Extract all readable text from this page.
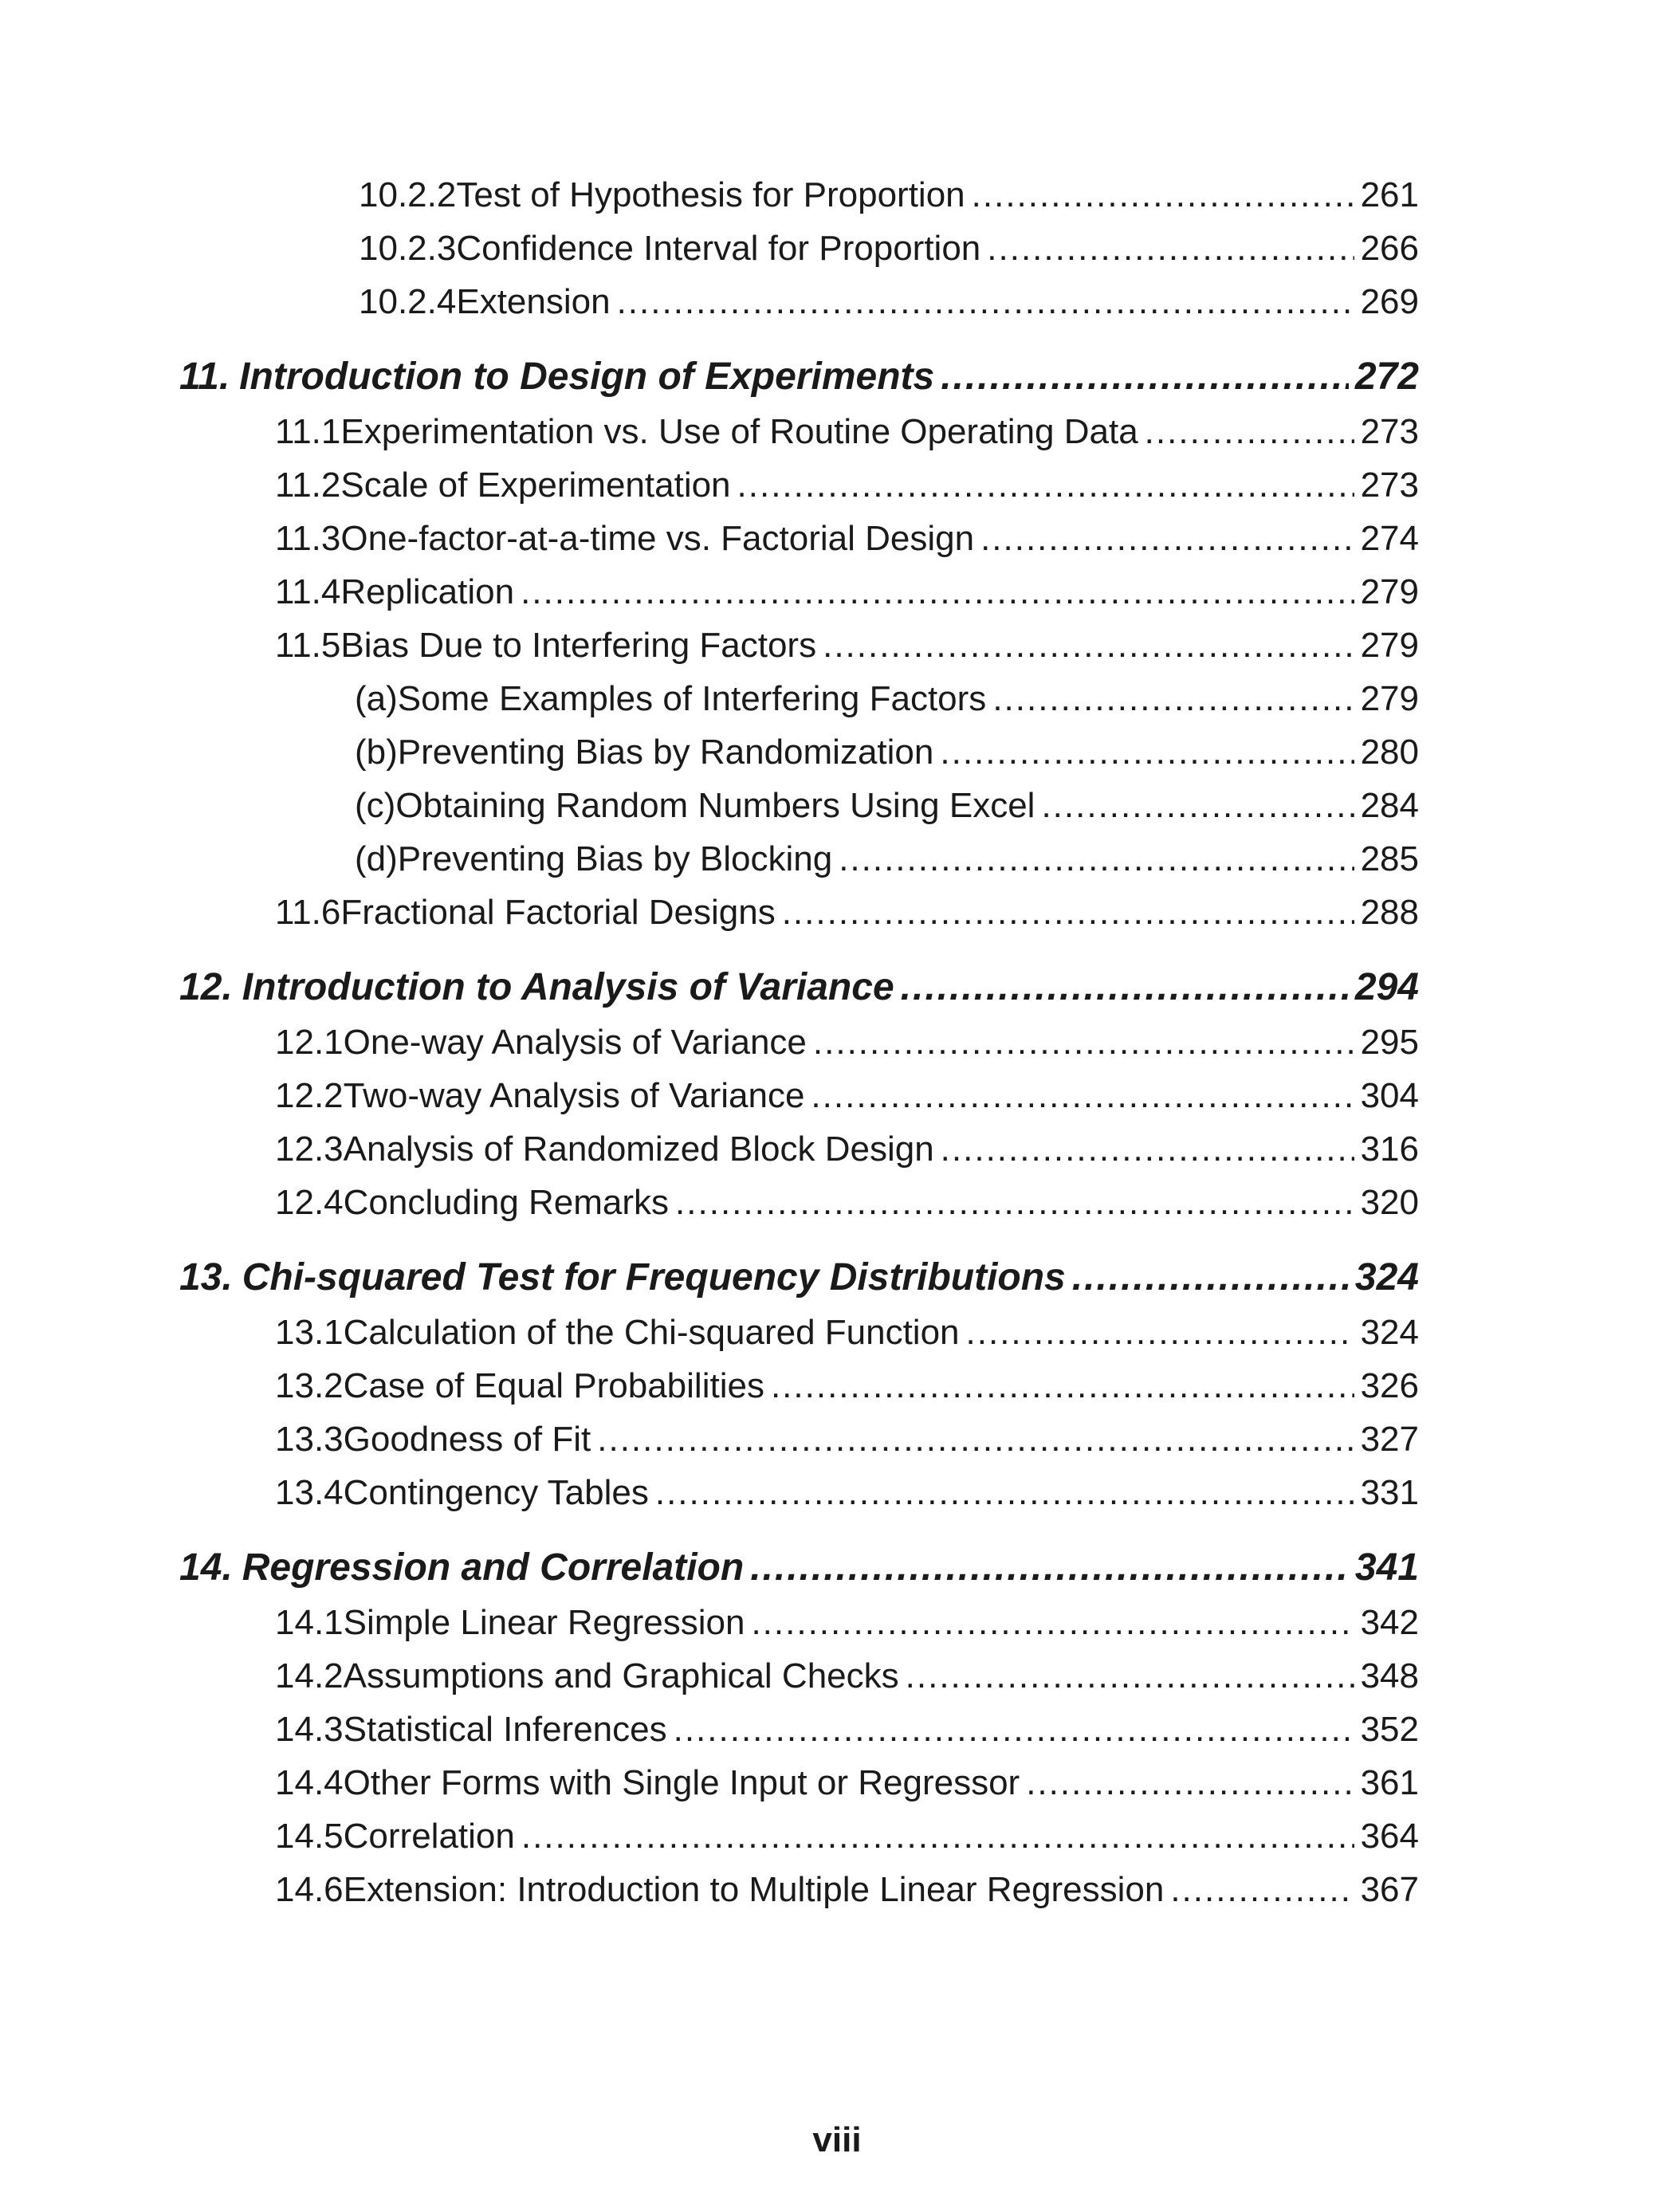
10.2.2 Test of Hypothesis for Proportion .....	261
10.2.3 Confidence Interval for Proportion .....	266
10.2.4 Extension .....	269
11. Introduction to Design of Experiments .....	272
11.1 Experimentation vs. Use of Routine Operating Data .....	273
11.2 Scale of Experimentation .....	273
11.3 One-factor-at-a-time vs. Factorial Design .....	274
11.4 Replication .....	279
11.5 Bias Due to Interfering Factors .....	279
(a) Some Examples of Interfering Factors .....	279
(b) Preventing Bias by Randomization .....	280
(c) Obtaining Random Numbers Using Excel .....	284
(d) Preventing Bias by Blocking .....	285
11.6 Fractional Factorial Designs .....	288
12. Introduction to Analysis of Variance .....	294
12.1 One-way Analysis of Variance .....	295
12.2 Two-way Analysis of Variance .....	304
12.3 Analysis of Randomized Block Design .....	316
12.4 Concluding Remarks .....	320
13. Chi-squared Test for Frequency Distributions .....	324
13.1 Calculation of the Chi-squared Function .....	324
13.2 Case of Equal Probabilities .....	326
13.3 Goodness of Fit .....	327
13.4 Contingency Tables .....	331
14. Regression and Correlation .....	341
14.1 Simple Linear Regression .....	342
14.2 Assumptions and Graphical Checks .....	348
14.3 Statistical Inferences .....	352
14.4 Other Forms with Single Input or Regressor .....	361
14.5 Correlation .....	364
14.6 Extension: Introduction to Multiple Linear Regression .....	367
viii
